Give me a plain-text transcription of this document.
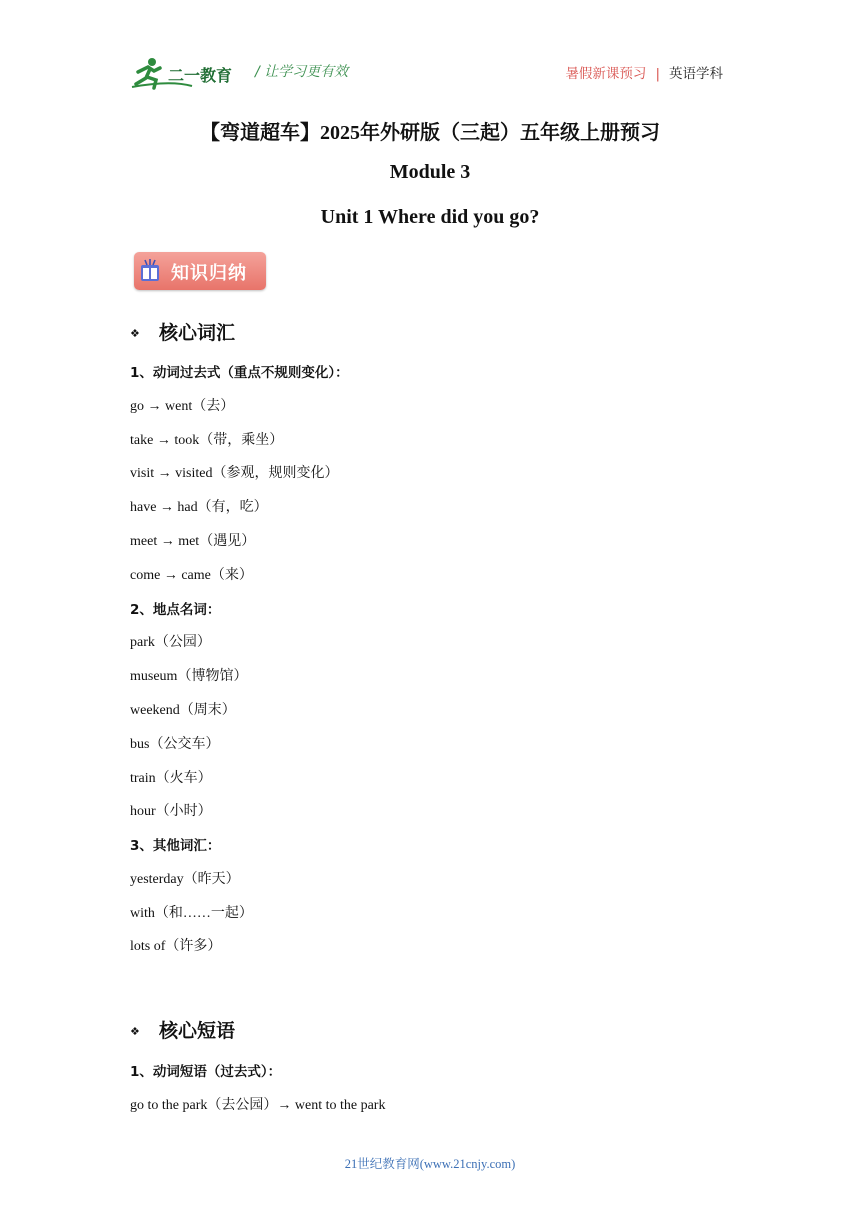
二一教育 / 让学习更有效	暑假新课预习 | 英语学科
【弯道超车】2025年外研版（三起）五年级上册预习
Module 3
Unit 1 Where did you go?
知识归纳
❖ 核心词汇
1、动词过去式（重点不规则变化）：
go → went（去）
take → took（带，乘坐）
visit → visited（参观，规则变化）
have → had（有，吃）
meet → met（遇见）
come → came（来）
2、地点名词：
park（公园）
museum（博物馆）
weekend（周末）
bus（公交车）
train（火车）
hour（小时）
3、其他词汇：
yesterday（昨天）
with（和……一起）
lots of（许多）
❖ 核心短语
1、动词短语（过去式）：
go to the park（去公园）→ went to the park
21世纪教育网(www.21cnjy.com)
